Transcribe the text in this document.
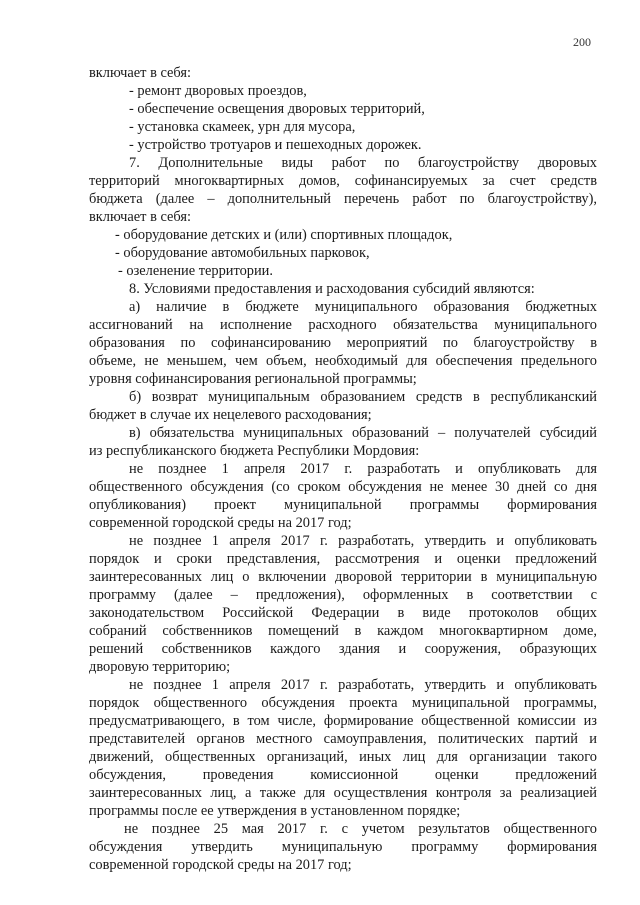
200
включает в себя:
- ремонт дворовых проездов,
- обеспечение освещения дворовых территорий,
- установка скамеек, урн для мусора,
- устройство тротуаров и пешеходных дорожек.
7. Дополнительные виды работ по благоустройству дворовых
территорий многоквартирных домов, софинансируемых за счет средств
бюджета (далее – дополнительный перечень работ по благоустройству),
включает в себя:
- оборудование детских и (или) спортивных площадок,
- оборудование автомобильных парковок,
- озеленение территории.
8. Условиями предоставления и расходования субсидий являются:
а) наличие в бюджете муниципального образования бюджетных
ассигнований на исполнение расходного обязательства муниципального
образования по софинансированию мероприятий по благоустройству в
объеме, не меньшем, чем объем, необходимый для обеспечения предельного
уровня софинансирования региональной программы;
б) возврат муниципальным образованием средств в республиканский
бюджет в случае их нецелевого расходования;
в) обязательства муниципальных образований – получателей субсидий
из республиканского бюджета Республики Мордовия:
не позднее 1 апреля 2017 г. разработать и опубликовать для
общественного обсуждения (со сроком обсуждения не менее 30 дней со дня
опубликования) проект муниципальной программы формирования
современной городской среды на 2017 год;
не позднее 1 апреля 2017 г. разработать, утвердить и опубликовать
порядок и сроки представления, рассмотрения и оценки предложений
заинтересованных лиц о включении дворовой территории в муниципальную
программу (далее – предложения), оформленных в соответствии с
законодательством Российской Федерации в виде протоколов общих
собраний собственников помещений в каждом многоквартирном доме,
решений собственников каждого здания и сооружения, образующих
дворовую территорию;
не позднее 1 апреля 2017 г. разработать, утвердить и опубликовать
порядок общественного обсуждения проекта муниципальной программы,
предусматривающего, в том числе, формирование общественной комиссии из
представителей органов местного самоуправления, политических партий и
движений, общественных организаций, иных лиц для организации такого
обсуждения, проведения комиссионной оценки предложений
заинтересованных лиц, а также для осуществления контроля за реализацией
программы после ее утверждения в установленном порядке;
не позднее 25 мая 2017 г. с учетом результатов общественного
обсуждения утвердить муниципальную программу формирования
современной городской среды на 2017 год;
